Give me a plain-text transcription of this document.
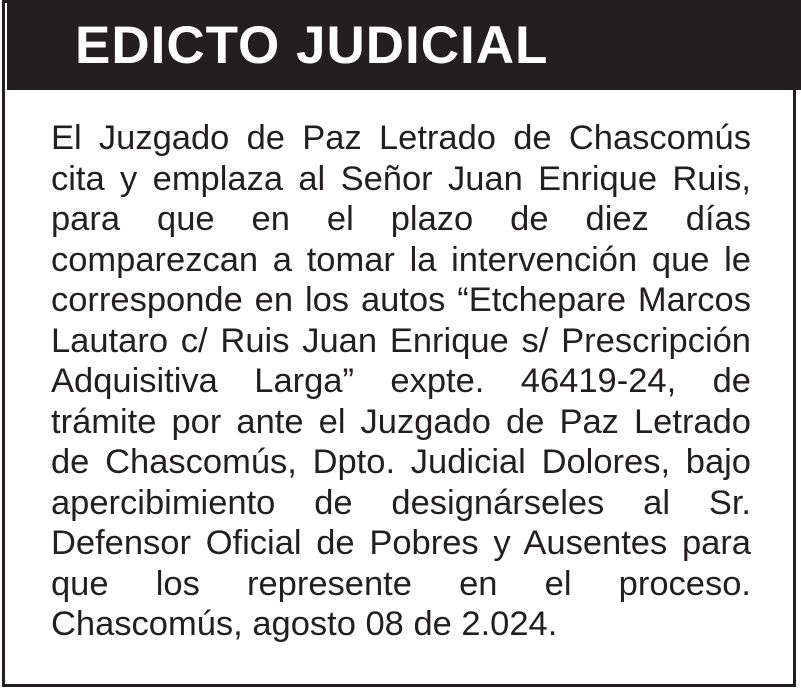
EDICTO JUDICIAL
El Juzgado de Paz Letrado de Chascomús
cita y emplaza al Señor Juan Enrique Ruis,
para que en el plazo de diez días
comparezcan a tomar la intervención que le
corresponde en los autos “Etchepare Marcos
Lautaro c/ Ruis Juan Enrique s/ Prescripción
Adquisitiva Larga” expte. 46419-24, de
trámite por ante el Juzgado de Paz Letrado
de Chascomús, Dpto. Judicial Dolores, bajo
apercibimiento de designárseles al Sr.
Defensor Oficial de Pobres y Ausentes para
que los represente en el proceso.
Chascomús, agosto 08 de 2.024.
